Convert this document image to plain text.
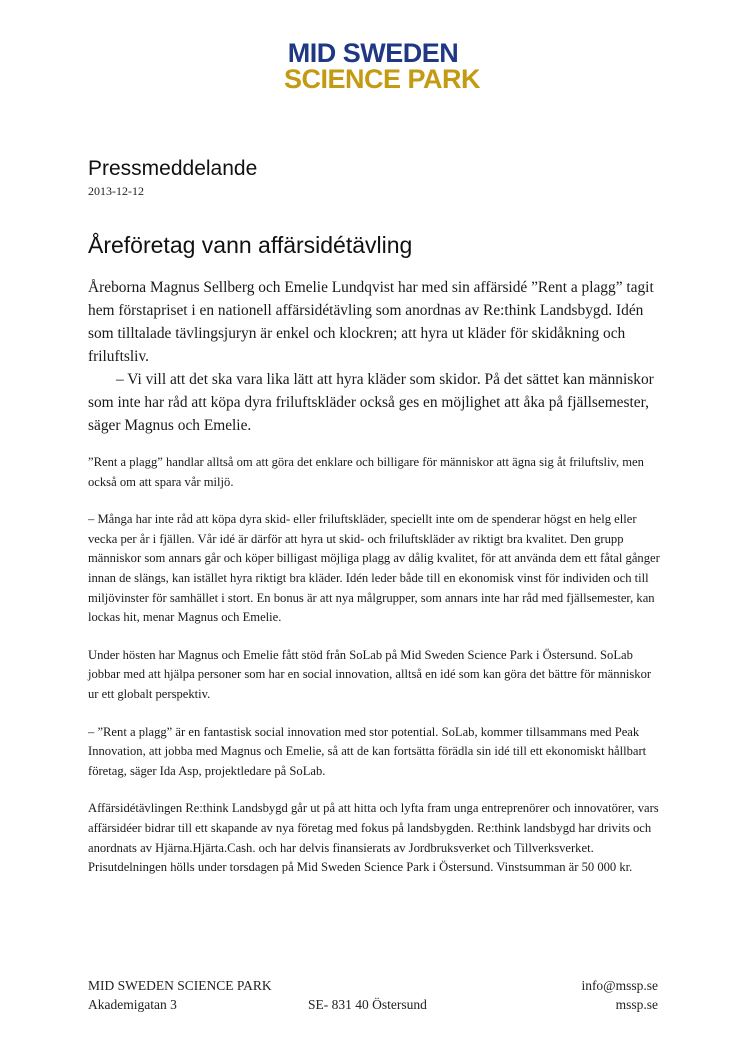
MID SWEDEN
SCIENCE PARK
Pressmeddelande
2013-12-12
Åreföretag vann affärsidétävling

Åreborna Magnus Sellberg och Emelie Lundqvist har med sin affärsidé ”Rent a plagg” tagit hem förstapriset i en nationell affärsidétävling som anordnas av Re:think Landsbygd. Idén som tilltalade tävlingsjuryn är enkel och klockren; att hyra ut kläder för skidåkning och friluftsliv.

– Vi vill att det ska vara lika lätt att hyra kläder som skidor. På det sättet kan människor som inte har råd att köpa dyra friluftskläder också ges en möjlighet att åka på fjällsemester, säger Magnus och Emelie.

”Rent a plagg” handlar alltså om att göra det enklare och billigare för människor att ägna sig åt friluftsliv, men också om att spara vår miljö.

– Många har inte råd att köpa dyra skid- eller friluftskläder, speciellt inte om de spenderar högst en helg eller vecka per år i fjällen. Vår idé är därför att hyra ut skid- och friluftskläder av riktigt bra kvalitet. Den grupp människor som annars går och köper billigast möjliga plagg av dålig kvalitet, för att använda dem ett fåtal gånger innan de slängs, kan istället hyra riktigt bra kläder. Idén leder både till en ekonomisk vinst för individen och till miljövinster för samhället i stort. En bonus är att nya målgrupper, som annars inte har råd med fjällsemester, kan lockas hit, menar Magnus och Emelie.

Under hösten har Magnus och Emelie fått stöd från SoLab på Mid Sweden Science Park i Östersund. SoLab jobbar med att hjälpa personer som har en social innovation, alltså en idé som kan göra det bättre för människor ur ett globalt perspektiv.

– ”Rent a plagg” är en fantastisk social innovation med stor potential. SoLab, kommer tillsammans med Peak Innovation, att jobba med Magnus och Emelie, så att de kan fortsätta förädla sin idé till ett ekonomiskt hållbart företag, säger Ida Asp, projektledare på SoLab.

Affärsidétävlingen Re:think Landsbygd går ut på att hitta och lyfta fram unga entreprenörer och innovatörer, vars affärsidéer bidrar till ett skapande av nya företag med fokus på landsbygden. Re:think landsbygd har drivits och anordnats av Hjärna.Hjärta.Cash. och har delvis finansierats av Jordbruksverket och Tillverksverket.

Prisutdelningen hölls under torsdagen på Mid Sweden Science Park i Östersund. Vinstsumman är 50 000 kr.

MID SWEDEN SCIENCE PARK	info@mssp.se
Akademigatan 3	SE- 831 40 Östersund	mssp.se
